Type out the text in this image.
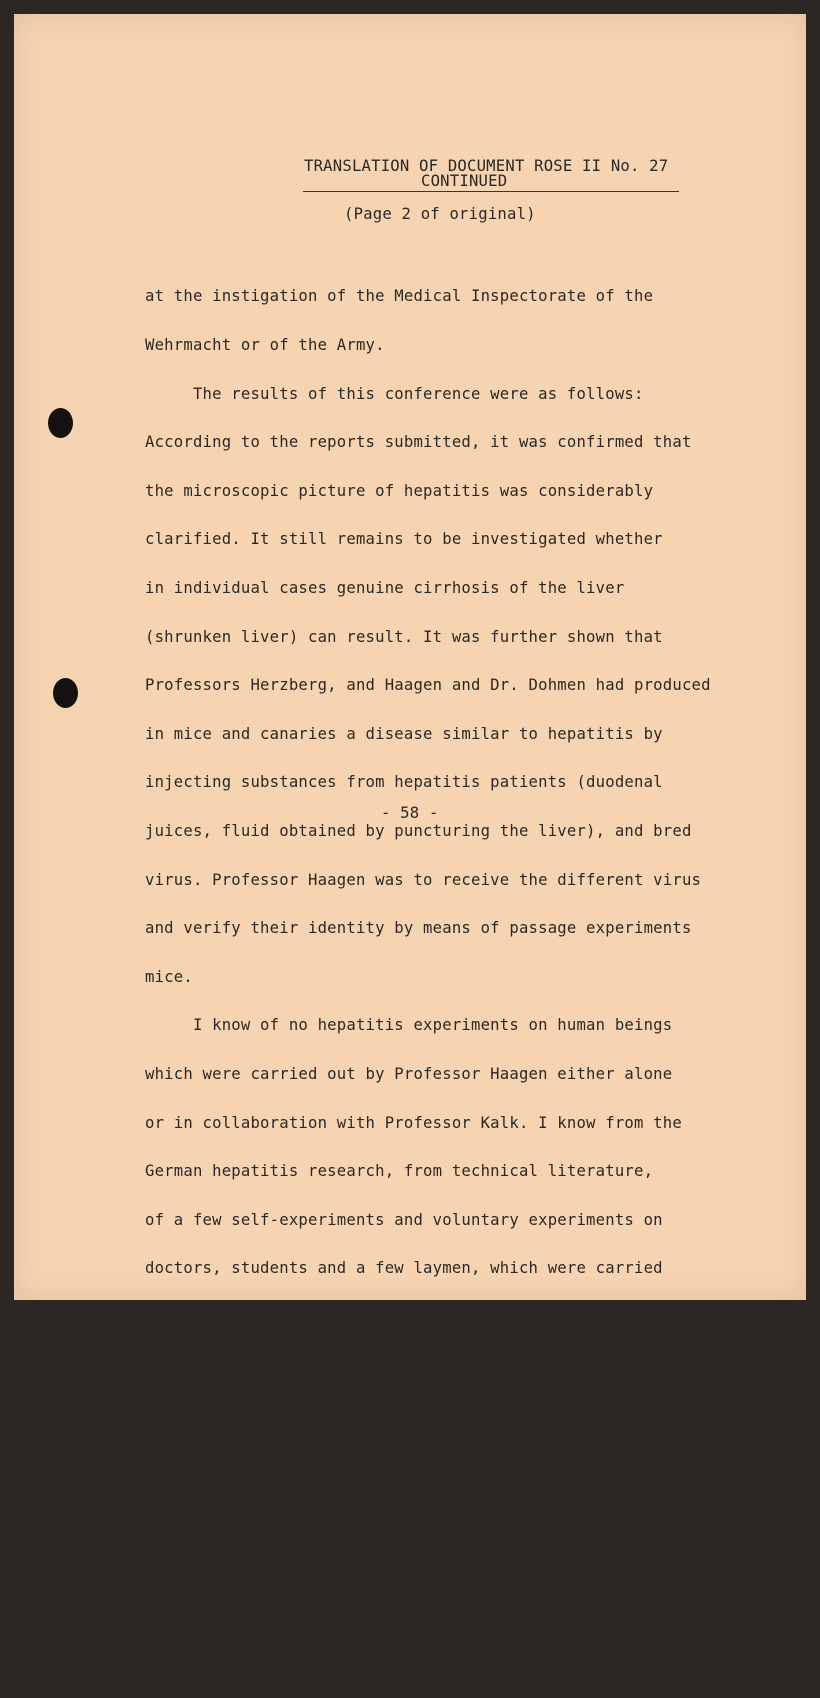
TRANSLATION OF DOCUMENT ROSE II No. 27
CONTINUED
(Page 2 of original)

at the instigation of the Medical Inspectorate of the

Wehrmacht or of the Army.

The results of this conference were as follows:

According to the reports submitted, it was confirmed that

the microscopic picture of hepatitis was considerably

clarified. It still remains to be investigated whether

in individual cases genuine cirrhosis of the liver

(shrunken liver) can result. It was further shown that

Professors Herzberg, and Haagen and Dr. Dohmen had produced

in mice and canaries a disease similar to hepatitis by

injecting substances from hepatitis patients (duodenal

juices, fluid obtained by puncturing the liver), and bred

virus. Professor Haagen was to receive the different virus

and verify their identity by means of passage experiments

mice.

I know of no hepatitis experiments on human beings

which were carried out by Professor Haagen either alone

or in collaboration with Professor Kalk. I know from the

German hepatitis research, from technical literature,

of a few self-experiments and voluntary experiments on

doctors, students and a few laymen, which were carried

out in the Medical Clinics in Vienna and Breslau, and

which were without result.

There has never been systematic or militarily

ordered collaboration, between Professor Haagen and me on

the subject of hepatitis. I worked with Professor Kalk

for a long time on the bioptical picture of the hepatitis

liver of German soldiers suffering from acute attacks.

We have repeatedly reported on the results. The experience

- 58 -
